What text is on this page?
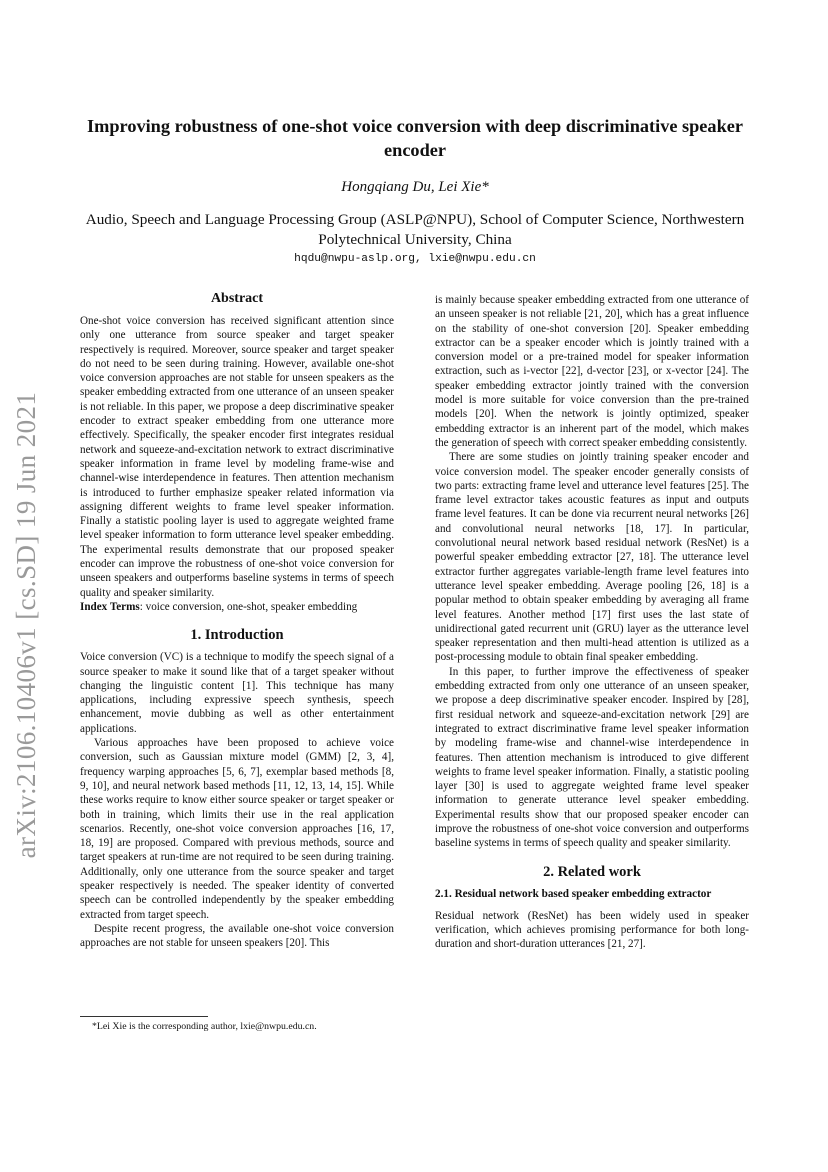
arXiv:2106.10406v1 [cs.SD] 19 Jun 2021
Improving robustness of one-shot voice conversion with deep discriminative speaker encoder
Hongqiang Du, Lei Xie*
Audio, Speech and Language Processing Group (ASLP@NPU), School of Computer Science, Northwestern Polytechnical University, China
hqdu@nwpu-aslp.org, lxie@nwpu.edu.cn
Abstract

One-shot voice conversion has received significant attention since only one utterance from source speaker and target speaker respectively is required. Moreover, source speaker and target speaker do not need to be seen during training. However, available one-shot voice conversion approaches are not stable for unseen speakers as the speaker embedding extracted from one utterance of an unseen speaker is not reliable. In this paper, we propose a deep discriminative speaker encoder to extract speaker embedding from one utterance more effectively. Specifically, the speaker encoder first integrates residual network and squeeze-and-excitation network to extract discriminative speaker information in frame level by modeling frame-wise and channel-wise interdependence in features. Then attention mechanism is introduced to further emphasize speaker related information via assigning different weights to frame level speaker information. Finally a statistic pooling layer is used to aggregate weighted frame level speaker information to form utterance level speaker embedding. The experimental results demonstrate that our proposed speaker encoder can improve the robustness of one-shot voice conversion for unseen speakers and outperforms baseline systems in terms of speech quality and speaker similarity.

Index Terms: voice conversion, one-shot, speaker embedding

1. Introduction

Voice conversion (VC) is a technique to modify the speech signal of a source speaker to make it sound like that of a target speaker without changing the linguistic content [1]. This technique has many applications, including expressive speech synthesis, speech enhancement, movie dubbing as well as other entertainment applications.

Various approaches have been proposed to achieve voice conversion, such as Gaussian mixture model (GMM) [2, 3, 4], frequency warping approaches [5, 6, 7], exemplar based methods [8, 9, 10], and neural network based methods [11, 12, 13, 14, 15]. While these works require to know either source speaker or target speaker or both in training, which limits their use in the real application scenarios. Recently, one-shot voice conversion approaches [16, 17, 18, 19] are proposed. Compared with previous methods, source and target speakers at run-time are not required to be seen during training. Additionally, only one utterance from the source speaker and target speaker respectively is needed. The speaker identity of converted speech can be controlled independently by the speaker embedding extracted from target speech.

Despite recent progress, the available one-shot voice conversion approaches are not stable for unseen speakers [20]. This

is mainly because speaker embedding extracted from one utterance of an unseen speaker is not reliable [21, 20], which has a great influence on the stability of one-shot conversion [20]. Speaker embedding extractor can be a speaker encoder which is jointly trained with a conversion model or a pre-trained model for speaker information extraction, such as i-vector [22], d-vector [23], or x-vector [24]. The speaker embedding extractor jointly trained with the conversion model is more suitable for voice conversion than the pre-trained models [20]. When the network is jointly optimized, speaker embedding extractor is an inherent part of the model, which makes the generation of speech with correct speaker embedding consistently.

There are some studies on jointly training speaker encoder and voice conversion model. The speaker encoder generally consists of two parts: extracting frame level and utterance level features [25]. The frame level extractor takes acoustic features as input and outputs frame level features. It can be done via recurrent neural networks [26] and convolutional neural networks [18, 17]. In particular, convolutional neural network based residual network (ResNet) is a powerful speaker embedding extractor [27, 18]. The utterance level extractor further aggregates variable-length frame level features into utterance level speaker embedding. Average pooling [26, 18] is a popular method to obtain speaker embedding by averaging all frame level features. Another method [17] first uses the last state of unidirectional gated recurrent unit (GRU) layer as the utterance level speaker representation and then multi-head attention is utilized as a post-processing module to obtain final speaker embedding.

In this paper, to further improve the effectiveness of speaker embedding extracted from only one utterance of an unseen speaker, we propose a deep discriminative speaker encoder. Inspired by [28], first residual network and squeeze-and-excitation network [29] are integrated to extract discriminative frame level speaker information by modeling frame-wise and channel-wise interdependence in features. Then attention mechanism is introduced to give different weights to frame level speaker information. Finally, a statistic pooling layer [30] is used to aggregate weighted frame level speaker information to generate utterance level speaker embedding. Experimental results show that our proposed speaker encoder can improve the robustness of one-shot voice conversion and outperforms baseline systems in terms of speech quality and speaker similarity.

2. Related work
2.1. Residual network based speaker embedding extractor

Residual network (ResNet) has been widely used in speaker verification, which achieves promising performance for both long-duration and short-duration utterances [21, 27].

*Lei Xie is the corresponding author, lxie@nwpu.edu.cn.
